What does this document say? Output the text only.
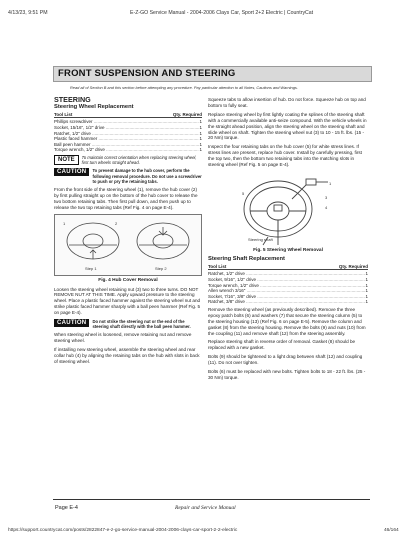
4/13/23, 9:51 PM	E-Z-GO Service Manual - 2004-2006 Clays Car, Sport 2+2 Electric | CountryCat
FRONT SUSPENSION AND STEERING
Read all of Section B and this section before attempting any procedure. Pay particular attention to all Notes, Cautions and Warnings.
STEERING
Steering Wheel Replacement
Tool List	Qty. Required
Phillips screwdriver .....	1
Socket, 15/16", 1/2" drive .....	1
Ratchet, 1/2" drive .....	1
Plastic faced hammer .....	1
Ball peen hammer .....	1
Torque wrench, 1/2" drive .....	1
NOTE	To maintain correct orientation when replacing steering wheel, first turn wheels straight ahead.
CAUTION	To prevent damage to the hub cover, perform the following removal procedure. Do not use a screwdriver to push or pry the retaining tabs.

From the front side of the steering wheel (1), remove the hub cover (2) by first pulling straight up on the bottom of the hub cover to release the two bottom retaining tabs. Then first pull down, and then push up to release the two top retaining tabs (Ref Fig. 4 on page E-4).

1	2
Step 1	Step 2
Fig. 4 Hub Cover Removal

Loosen the steering wheel retaining nut (3) two to three turns. DO NOT REMOVE NUT AT THIS TIME. Apply upward pressure to the steering wheel. Place a plastic faced hammer against the steering wheel nut and strike plastic faced hammer sharply with a ball peen hammer (Ref Fig. 5 on page E-4).

CAUTION	Do not strike the steering nut or the end of the steering shaft directly with the ball peen hammer.

When steering wheel is loosened, remove retaining nut and remove steering wheel.

If installing new steering wheel, assemble the steering wheel and rear collar hub (4) by aligning the retaining tabs on the hub with slots in back of steering wheel.

Squeeze tabs to allow insertion of hub. Do not force. Squeeze hub on top and bottom to fully seat.

Replace steering wheel by first lightly coating the splines of the steering shaft with a commercially available anti-seize compound. With the vehicle wheels in the straight ahead position, align the steering wheel on the steering shaft and slide wheel on shaft. Tighten the steering wheel nut (3) to 10 - 15 ft. lbs. (15 - 20 Nm) torque.

Inspect the four retaining tabs on the hub cover (5) for white stress lines. If stress lines are present, replace hub cover. Install by carefully pressing, first the top two, then the bottom two retaining tabs into the matching slots in steering wheel (Ref Fig. 5 on page E-4).

3
4
1
5
Steering shaft
Fig. 5 Steering Wheel Removal
Steering Shaft Replacement
Tool List	Qty. Required
Ratchet, 1/2" drive .....	1
Socket, 9/16", 1/2" drive .....	1
Torque wrench, 1/2" drive .....	1
Allen wrench 3/16" .....	1
Socket, 7/16", 3/8" drive .....	1
Ratchet, 3/8" drive .....	1

Remove the steering wheel (as previously described). Remove the three epoxy patch bolts (6) and washers (7) that secure the steering column (5) to the steering housing (13) (Ref Fig. 6 on page E-5). Remove the column and gasket (8) from the steering housing. Remove the bolts (9) and nuts (10) from the coupling (11) and remove shaft (12) from the steering assembly.

Replace steering shaft in reverse order of removal. Gasket (8) should be replaced with a new gasket.

Bolts (9) should be tightened to a light drag between shaft (12) and coupling (11). Do not over tighten.

Bolts (6) must be replaced with new bolts. Tighten bolts to 18 - 22 ft. lbs. (25 - 30 Nm) torque.

Page E-4	Repair and Service Manual
https://support.countrycat.com/posts/2822847-e-z-go-service-manual-2004-2006-clays-car-sport-2-2-electric	46/164
